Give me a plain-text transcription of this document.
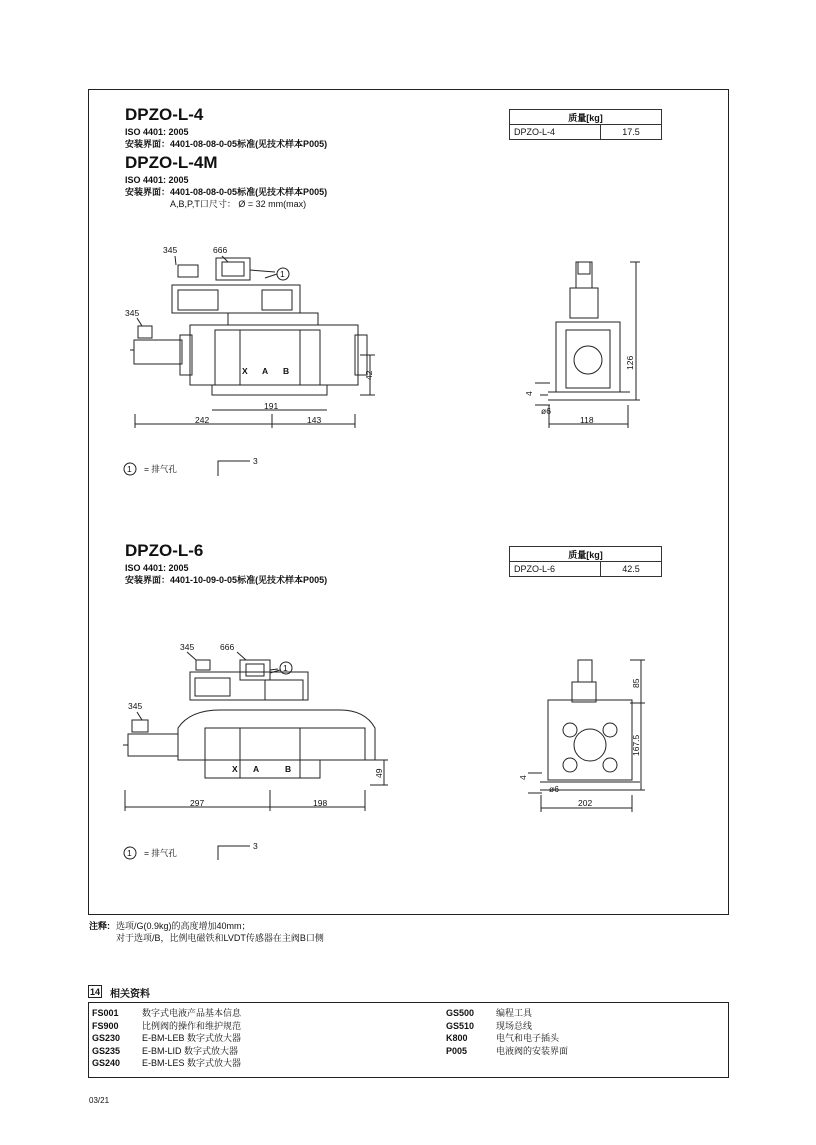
DPZO-L-4
ISO 4401: 2005
安装界面：4401-08-08-0-05标准(见技术样本P005)
DPZO-L-4M
ISO 4401: 2005
安装界面：4401-08-08-0-05标准(见技术样本P005)
A,B,P,T口尺寸： Ø = 32 mm(max)
质量[kg]
DPZO-L-4	17.5
345	666
1
345
X A B
191
242	143
42
126
4
ø6
118
1 = 排气孔
3
DPZO-L-6
ISO 4401: 2005
安装界面：4401-10-09-0-05标准(见技术样本P005)
质量[kg]
DPZO-L-6	42.5
345	666
1
345
X A	B
297	198
49
85
167.5
4
ø6
202
1 = 排气孔
3
注释: 选项/G(0.9kg)的高度增加40mm；
对于选项/B，比例电磁铁和LVDT传感器在主阀B口侧
14 相关资料
FS001	数字式电液产品基本信息
FS900	比例阀的操作和维护规范
GS230 E-BM-LEB 数字式放大器
GS235 E-BM-LID 数字式放大器
GS240 E-BM-LES 数字式放大器
GS500 编程工具
GS510 现场总线
K800	电气和电子插头
P005	电液阀的安装界面
03/21
